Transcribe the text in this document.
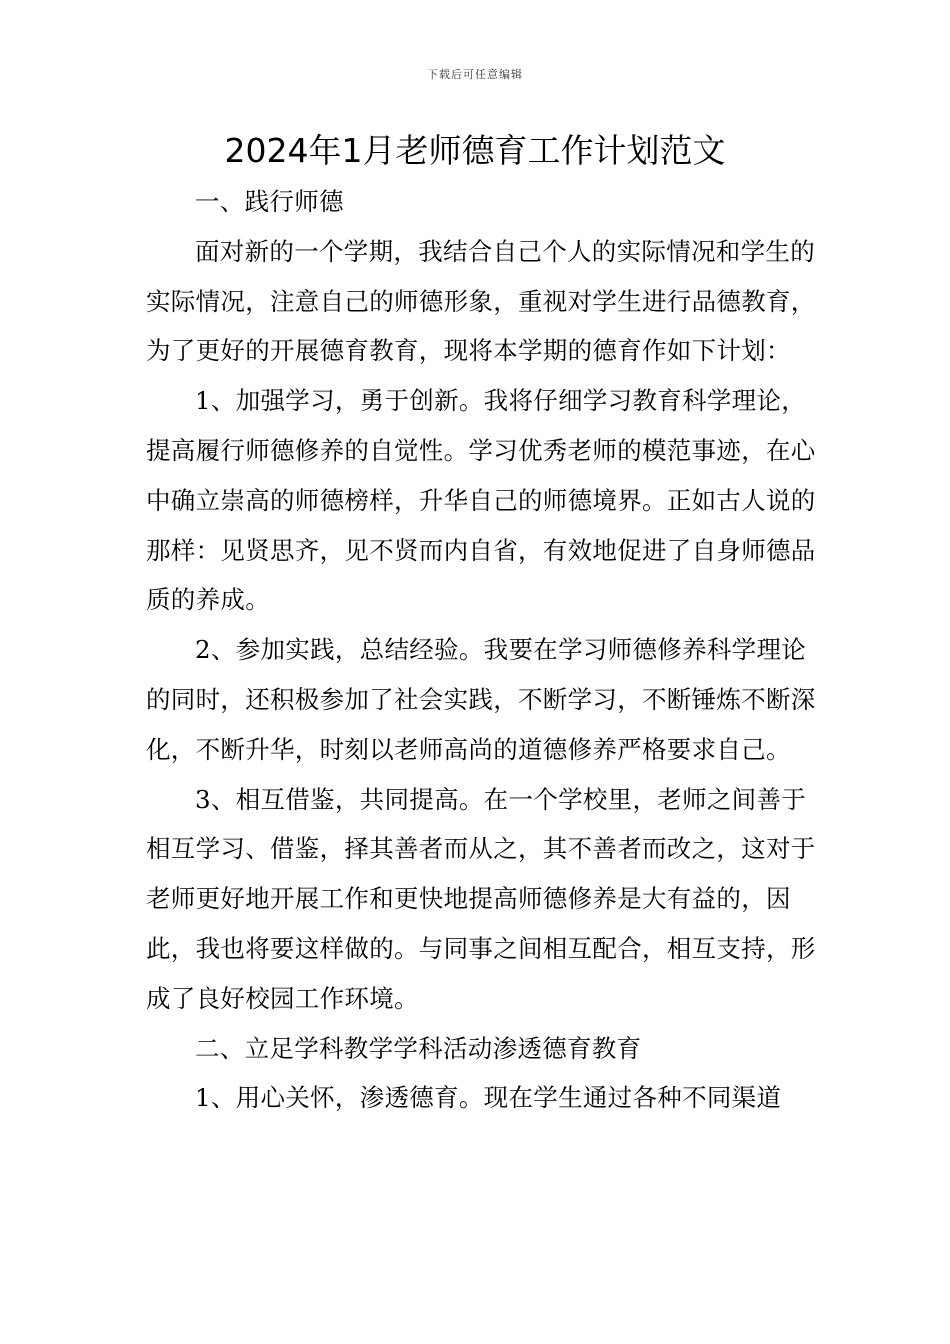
下载后可任意编辑
2024年1月老师德育工作计划范文

一、践行师德

面对新的一个学期，我结合自己个人的实际情况和学生的实际情况，注意自己的师德形象，重视对学生进行品德教育，为了更好的开展德育教育，现将本学期的德育作如下计划：

1、加强学习，勇于创新。我将仔细学习教育科学理论，提高履行师德修养的自觉性。学习优秀老师的模范事迹，在心中确立崇高的师德榜样，升华自己的师德境界。正如古人说的那样：见贤思齐，见不贤而内自省，有效地促进了自身师德品质的养成。

2、参加实践，总结经验。我要在学习师德修养科学理论的同时，还积极参加了社会实践，不断学习，不断锤炼不断深化，不断升华，时刻以老师高尚的道德修养严格要求自己。

3、相互借鉴，共同提高。在一个学校里，老师之间善于相互学习、借鉴，择其善者而从之，其不善者而改之，这对于老师更好地开展工作和更快地提高师德修养是大有益的，因此，我也将要这样做的。与同事之间相互配合，相互支持，形成了良好校园工作环境。

二、立足学科教学学科活动渗透德育教育

1、用心关怀，渗透德育。现在学生通过各种不同渠道
